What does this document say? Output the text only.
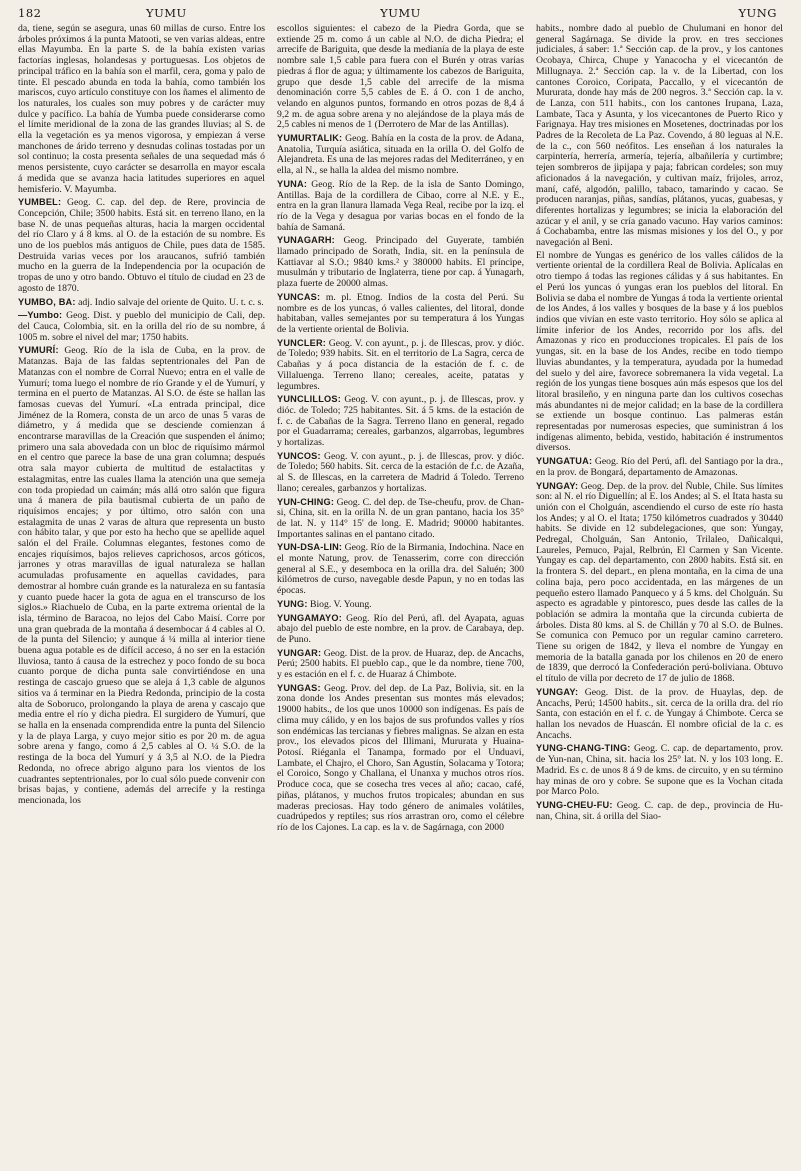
182	YUMU	YUMU	YUNG

da, tiene, según se asegura, unas 60 millas de curso. Entre los árboles próximos á la punta Matooti, se ven varias aldeas, entre ellas Mayumba. En la parte S. de la bahía existen varias factorías inglesas, holandesas y portuguesas. Los objetos de principal tráfico en la bahía son el marfil, cera, goma y palo de tinte. El pescado abunda en toda la bahía, como también los mariscos, cuyo artículo constituye con los ñames el alimento de los naturales, los cuales son muy pobres y de carácter muy dulce y pacífico. La bahía de Yumba puede considerarse como el límite meridional de la zona de las grandes lluvias; al S. de ella la vegetación es ya menos vigorosa, y empiezan á verse manchones de árido terreno y desnudas colinas tostadas por un sol continuo; la costa presenta señales de una sequedad más ó menos persistente, cuyo carácter se desarrolla en mayor escala á medida que se avanza hacia latitudes superiores en aquel hemisferio. V. Mayumba.

YUMBEL: Geog. C. cap. del dep. de Rere, provincia de Concepción, Chile; 3500 habits. Está sit. en terreno llano, en la base N. de unas pequeñas alturas, hacia la margen occidental del río Claro y á 8 kms. al O. de la estación de su nombre. Es uno de los pueblos más antiguos de Chile, pues data de 1585. Destruida varias veces por los araucanos, sufrió también mucho en la guerra de la Independencia por la ocupación de tropas de uno y otro bando. Obtuvo el título de ciudad en 23 de agosto de 1870.

YUMBO, BA: adj. Indio salvaje del oriente de Quito. U. t. c. s.

—Yumbo: Geog. Dist. y pueblo del municipio de Cali, dep. del Cauca, Colombia, sit. en la orilla del río de su nombre, á 1005 m. sobre el nivel del mar; 1750 habits.

YUMURÍ: Geog. Río de la isla de Cuba, en la prov. de Matanzas. Baja de las faldas septentrionales del Pan de Matanzas con el nombre de Corral Nuevo; entra en el valle de Yumurí; toma luego el nombre de río Grande y el de Yumurí, y termina en el puerto de Matanzas. Al S.O. de éste se hallan las famosas cuevas del Yumurí. «La entrada principal, dice Jiménez de la Romera, consta de un arco de unas 5 varas de diámetro, y á medida que se desciende comienzan á encontrarse maravillas de la Creación que suspenden el ánimo; primero una sala abovedada con un bloc de riquísimo mármol en el centro que parece la base de una gran columna; después otra sala mayor cubierta de multitud de estalactitas y estalagmitas, entre las cuales llama la atención una que semeja con toda propiedad un caimán; más allá otro salón que figura una á manera de pila bautismal cubierta de un paño de riquísimos encajes; y por último, otro salón con una estalagmita de unas 2 varas de altura que representa un busto con hábito talar, y que por esto ha hecho que se apellide aquel salón el del Fraile. Columnas elegantes, festones como de encajes riquísimos, bajos relieves caprichosos, arcos góticos, jarrones y otras maravillas de igual naturaleza se hallan acumuladas profusamente en aquellas cavidades, para demostrar al hombre cuán grande es la naturaleza en su fantasía y cuanto puede hacer la gota de agua en el transcurso de los siglos.» Riachuelo de Cuba, en la parte extrema oriental de la isla, término de Baracoa, no lejos del Cabo Maisí. Corre por una gran quebrada de la montaña á desembocar á 4 cables al O. de la punta del Silencio; y aunque á ¼ milla al interior tiene buena agua potable es de difícil acceso, á no ser en la estación lluviosa, tanto á causa de la estrechez y poco fondo de su boca cuanto porque de dicha punta sale convirtiéndose en una restinga de cascajo grueso que se aleja á 1,3 cable de algunos sitios va á terminar en la Piedra Redonda, principio de la costa alta de Soboruco, prolongando la playa de arena y cascajo que media entre el río y dicha piedra. El surgidero de Yumurí, que se halla en la ensenada comprendida entre la punta del Silencio y la de playa Larga, y cuyo mejor sitio es por 20 m. de agua sobre arena y fango, como á 2,5 cables al O. ¼ S.O. de la restinga de la boca del Yumurí y á 3,5 al N.O. de la Piedra Redonda, no ofrece abrigo alguno para los vientos de los cuadrantes septentrionales, por lo cual sólo puede convenir con brisas bajas, y contiene, además del arrecife y la restinga mencionada, los

escollos siguientes: el cabezo de la Piedra Gorda, que se extiende 25 m. como á un cable al N.O. de dicha Piedra; el arrecife de Bariguita, que desde la medianía de la playa de este nombre sale 1,5 cable para fuera con el Burén y otras varias piedras á flor de agua; y últimamente los cabezos de Bariguita, grupo que desde 1,5 cable del arrecife de la misma denominación corre 5,5 cables de E. á O. con 1 de ancho, velando en algunos puntos, formando en otros pozas de 8,4 á 9,2 m. de agua sobre arena y no alejándose de la playa más de 2,5 cables ni menos de 1 (Derrotero de Mar de las Antillas).

YUMURTALIK: Geog. Bahía en la costa de la prov. de Adana, Anatolia, Turquía asiática, situada en la orilla O. del Golfo de Alejandreta. Es una de las mejores radas del Mediterráneo, y en ella, al N., se halla la aldea del mismo nombre.

YUNA: Geog. Río de la Rep. de la isla de Santo Domingo, Antillas. Baja de la cordillera de Cibao, corre al N.E. y E., entra en la gran llanura llamada Vega Real, recibe por la izq. el río de la Vega y desagua por varias bocas en el fondo de la bahía de Samaná.

YUNAGARH: Geog. Principado del Guyerate, también llamado principado de Sorath, India, sit. en la península de Kattiavar al S.O.; 9840 kms.² y 380000 habits. El príncipe, musulmán y tributario de Inglaterra, tiene por cap. á Yunagarh, plaza fuerte de 20000 almas.

YUNCAS: m. pl. Etnog. Indios de la costa del Perú. Su nombre es de los yuncas, ó valles calientes, del litoral, donde habitaban, valles semejantes por su temperatura á los Yungas de la vertiente oriental de Bolivia.

YUNCLER: Geog. V. con ayunt., p. j. de Illescas, prov. y dióc. de Toledo; 939 habits. Sit. en el territorio de La Sagra, cerca de Cabañas y á poca distancia de la estación de f. c. de Villaluenga. Terreno llano; cereales, aceite, patatas y legumbres.

YUNCLILLOS: Geog. V. con ayunt., p. j. de Illescas, prov. y dióc. de Toledo; 725 habitantes. Sit. á 5 kms. de la estación de f. c. de Cabañas de la Sagra. Terreno llano en general, regado por el Guadarrama; cereales, garbanzos, algarrobas, legumbres y hortalizas.

YUNCOS: Geog. V. con ayunt., p. j. de Illescas, prov. y dióc. de Toledo; 560 habits. Sit. cerca de la estación de f.c. de Azaña, al S. de Illescas, en la carretera de Madrid á Toledo. Terreno llano; cereales, garbanzos y hortalizas.

YUN-CHING: Geog. C. del dep. de Tse-cheufu, prov. de Chan-si, China, sit. en la orilla N. de un gran pantano, hacia los 35° de lat. N. y 114° 15' de long. E. Madrid; 90000 habitantes. Importantes salinas en el pantano citado.

YUN-DSA-LIN: Geog. Río de la Birmania, Indochina. Nace en el monte Natung, prov. de Tenasserim, corre con dirección general al S.E., y desemboca en la orilla dra. del Saluén; 300 kilómetros de curso, navegable desde Papun, y no en todas las épocas.

YUNG: Biog. V. Young.

YUNGAMAYO: Geog. Río del Perú, afl. del Ayapata, aguas abajo del pueblo de este nombre, en la prov. de Carabaya, dep. de Puno.

YUNGAR: Geog. Dist. de la prov. de Huaraz, dep. de Ancachs, Perú; 2500 habits. El pueblo cap., que le da nombre, tiene 700, y es estación en el f. c. de Huaraz á Chimbote.

YUNGAS: Geog. Prov. del dep. de La Paz, Bolivia, sit. en la zona donde los Andes presentan sus montes más elevados; 19000 habits., de los que unos 10000 son indígenas. Es país de clima muy cálido, y en los bajos de sus profundos valles y ríos son endémicas las tercianas y fiebres malignas. Se alzan en esta prov., los elevados picos del Illimani, Mururata y Huaina-Potosí. Riéganla el Tanampa, formado por el Unduavi, Lambate, el Chajro, el Choro, San Agustín, Solacama y Totora; el Coroico, Songo y Challana, el Unanxa y muchos otros ríos. Produce coca, que se cosecha tres veces al año; cacao, café, piñas, plátanos, y muchos frutos tropicales; abundan en sus maderas preciosas. Hay todo género de animales volátiles, cuadrúpedos y reptiles; sus ríos arrastran oro, como el célebre río de los Cajones. La cap. es la v. de Sagárnaga, con 2000

habits., nombre dado al pueblo de Chulumani en honor del general Sagárnaga. Se divide la prov. en tres secciones judiciales, á saber: 1.ª Sección cap. de la prov., y los cantones Ocobaya, Chirca, Chupe y Yanacocha y el vicecantón de Millugnaya. 2.ª Sección cap. la v. de la Libertad, con los cantones Coroico, Coripata, Paccallo, y el vicecantón de Mururata, donde hay más de 200 negros. 3.ª Sección cap. la v. de Lanza, con 511 habits., con los cantones Irupana, Laza, Lambate, Taca y Asunta, y los vicecantones de Puerto Rico y Farignaya. Hay tres misiones en Mosetenes, doctrinadas por los Padres de la Recoleta de La Paz. Covendo, á 80 leguas al N.E. de la c., con 560 neófitos. Les enseñan á los naturales la carpintería, herrería, armería, tejería, albañilería y curtimbre; tejen sombreros de jipijapa y paja; fabrican cordeles; son muy aficionados á la navegación, y cultivan maíz, frijoles, arroz, maní, café, algodón, palillo, tabaco, tamarindo y cacao. Se producen naranjas, piñas, sandías, plátanos, yucas, guabesas, y diferentes hortalizas y legumbres; se inicia la elaboración del azúcar y el anil, y se cría ganado vacuno. Hay varios caminos: á Cochabamba, entre las mismas misiones y los del O., y por navegación al Beni.

El nombre de Yungas es genérico de los valles cálidos de la vertiente oriental de la cordillera Real de Bolivia. Aplícalas en otro tiempo á todas las regiones cálidas y á sus habitantes. En el Perú los yuncas ó yungas eran los pueblos del litoral. En Bolivia se daba el nombre de Yungas á toda la vertiente oriental de los Andes, á los valles y bosques de la base y á los pueblos indios que vivían en este vasto territorio. Hoy sólo se aplica al límite inferior de los Andes, recorrido por los afls. del Amazonas y rico en producciones tropicales. El país de los yungas, sit. en la base de los Andes, recibe en todo tiempo lluvias abundantes, y la temperatura, ayudada por la humedad del suelo y del aire, favorece sobremanera la vida vegetal. La región de los yungas tiene bosques aún más espesos que los del litoral brasileño, y en ninguna parte dan los cultivos cosechas más abundantes ni de mejor calidad; en la base de la cordillera se extiende un bosque continuo. Las palmeras están representadas por numerosas especies, que suministran á los indígenas alimento, bebida, vestido, habitación é instrumentos diversos.

YUNGATUA: Geog. Río del Perú, afl. del Santiago por la dra., en la prov. de Bongará, departamento de Amazonas.

YUNGAY: Geog. Dep. de la prov. del Ñuble, Chile. Sus límites son: al N. el río Diguellín; al E. los Andes; al S. el Itata hasta su unión con el Cholguán, ascendiendo el curso de este río hasta los Andes; y al O. el Itata; 1750 kilómetros cuadrados y 30440 habits. Se divide en 12 subdelegaciones, que son: Yungay, Pedregal, Cholguán, San Antonio, Trilaleo, Dañicalqui, Laureles, Pemuco, Pajal, Relbrún, El Carmen y San Vicente. Yungay es cap. del departamento, con 2800 habits. Está sit. en la frontera S. del depart., en plena montaña, en la cima de una colina baja, pero poco accidentada, en las márgenes de un pequeño estero llamado Panqueco y á 5 kms. del Cholguán. Su aspecto es agradable y pintoresco, pues desde las calles de la población se admira la montaña que la circunda cubierta de árboles. Dista 80 kms. al S. de Chillán y 70 al S.O. de Bulnes. Se comunica con Pemuco por un regular camino carretero. Tiene su origen de 1842, y lleva el nombre de Yungay en memoria de la batalla ganada por los chilenos en 20 de enero de 1839, que derrocó la Confederación perú-boliviana. Obtuvo el título de villa por decreto de 17 de julio de 1868.

YUNGAY: Geog. Dist. de la prov. de Huaylas, dep. de Ancachs, Perú; 14500 habits., sit. cerca de la orilla dra. del río Santa, con estación en el f. c. de Yungay á Chimbote. Cerca se hallan los nevados de Huascán. El nombre oficial de la c. es Ancachs.

YUNG-CHANG-TING: Geog. C. cap. de departamento, prov. de Yun-nan, China, sit. hacia los 25° lat. N. y los 103 long. E. Madrid. Es c. de unos 8 á 9 de kms. de circuito, y en su término hay minas de oro y cobre. Se supone que es la Vochan citada por Marco Polo.

YUNG-CHEU-FU: Geog. C. cap. de dep., provincia de Hu-nan, China, sit. á orilla del Siao-
